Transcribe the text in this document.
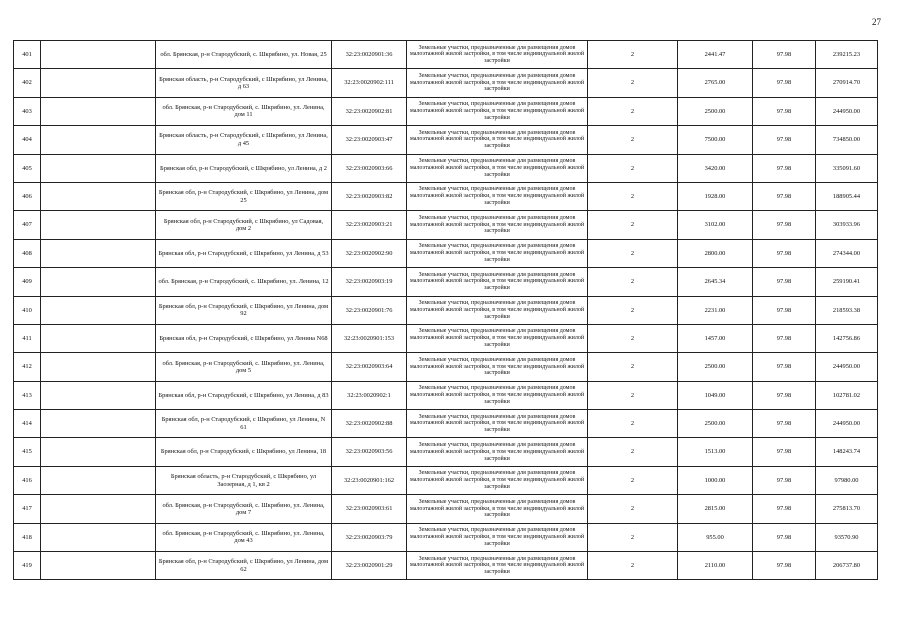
27
401		обл. Брянская, р-н Стародубский, с. Шкрябино, ул. Новая, 25	32:23:0020901:36	Земельные участки, предназначенные для размещения домов малоэтажной жилой застройки, в том числе индивидуальной жилой застройки	2	2441.47	97.98	239215.23
402		Брянская область, р-н Стародубский, с Шкрябино, ул Ленина, д 63	32:23:0020902:111	Земельные участки, предназначенные для размещения домов малоэтажной жилой застройки, в том числе индивидуальной жилой застройки	2	2765.00	97.98	270914.70
403		обл. Брянская, р-н Стародубский, с. Шкрябино, ул. Ленина, дом 11	32:23:0020902:81	Земельные участки, предназначенные для размещения домов малоэтажной жилой застройки, в том числе индивидуальной жилой застройки	2	2500.00	97.98	244950.00
404		Брянская область, р-н Стародубский, с Шкрябино, ул Ленина, д 45	32:23:0020903:47	Земельные участки, предназначенные для размещения домов малоэтажной жилой застройки, в том числе индивидуальной жилой застройки	2	7500.00	97.98	734850.00
405		Брянская обл, р-н Стародубский, с Шкрябино, ул Ленина, д 2	32:23:0020903:66	Земельные участки, предназначенные для размещения домов малоэтажной жилой застройки, в том числе индивидуальной жилой застройки	2	3420.00	97.98	335091.60
406		Брянская обл, р-н Стародубский, с Шкрябино, ул Ленина, дом 25	32:23:0020903:82	Земельные участки, предназначенные для размещения домов малоэтажной жилой застройки, в том числе индивидуальной жилой застройки	2	1928.00	97.98	188905.44
407		Брянская обл, р-н Стародубский, с Шкрябино, ул Садовая, дом 2	32:23:0020903:21	Земельные участки, предназначенные для размещения домов малоэтажной жилой застройки, в том числе индивидуальной жилой застройки	2	3102.00	97.98	303933.96
408		Брянская обл, р-н Стародубский, с Шкрябино, ул Ленина, д 53	32:23:0020902:90	Земельные участки, предназначенные для размещения домов малоэтажной жилой застройки, в том числе индивидуальной жилой застройки	2	2800.00	97.98	274344.00
409		обл. Брянская, р-н Стародубский, с. Шкрябино, ул. Ленина, 12	32:23:0020903:19	Земельные участки, предназначенные для размещения домов малоэтажной жилой застройки, в том числе индивидуальной жилой застройки	2	2645.34	97.98	259190.41
410		Брянская обл, р-н Стародубский, с Шкрябино, ул Ленина, дом 92	32:23:0020901:76	Земельные участки, предназначенные для размещения домов малоэтажной жилой застройки, в том числе индивидуальной жилой застройки	2	2231.00	97.98	218593.38
411		Брянская обл, р-н Стародубский, с Шкрябино, ул Ленина N68	32:23:0020901:153	Земельные участки, предназначенные для размещения домов малоэтажной жилой застройки, в том числе индивидуальной жилой застройки	2	1457.00	97.98	142756.86
412		обл. Брянская, р-н Стародубский, с. Шкрябино, ул. Ленина, дом 5	32:23:0020903:64	Земельные участки, предназначенные для размещения домов малоэтажной жилой застройки, в том числе индивидуальной жилой застройки	2	2500.00	97.98	244950.00
413		Брянская обл, р-н Стародубский, с Шкрябино, ул Ленина, д 83	32:23:0020902:1	Земельные участки, предназначенные для размещения домов малоэтажной жилой застройки, в том числе индивидуальной жилой застройки	2	1049.00	97.98	102781.02
414		Брянская обл, р-н Стародубский, с Шкрябино, ул Ленина, N 61	32:23:0020902:88	Земельные участки, предназначенные для размещения домов малоэтажной жилой застройки, в том числе индивидуальной жилой застройки	2	2500.00	97.98	244950.00
415		Брянская обл, р-н Стародубский, с Шкрябино, ул Ленина, 18	32:23:0020903:56	Земельные участки, предназначенные для размещения домов малоэтажной жилой застройки, в том числе индивидуальной жилой застройки	2	1513.00	97.98	148243.74
416		Брянская область, р-н Стародубский, с Шкрябино, ул Заозерная, д 1, кв 2	32:23:0020901:162	Земельные участки, предназначенные для размещения домов малоэтажной жилой застройки, в том числе индивидуальной жилой застройки	2	1000.00	97.98	97980.00
417		обл. Брянская, р-н Стародубский, с. Шкрябино, ул. Ленина, дом 7	32:23:0020903:61	Земельные участки, предназначенные для размещения домов малоэтажной жилой застройки, в том числе индивидуальной жилой застройки	2	2815.00	97.98	275813.70
418		обл. Брянская, р-н Стародубский, с. Шкрябино, ул. Ленина, дом 43	32:23:0020903:79	Земельные участки, предназначенные для размещения домов малоэтажной жилой застройки, в том числе индивидуальной жилой застройки	2	955.00	97.98	93570.90
419		Брянская обл, р-н Стародубский, с Шкрябино, ул Ленина, дом 62	32:23:0020901:29	Земельные участки, предназначенные для размещения домов малоэтажной жилой застройки, в том числе индивидуальной жилой застройки	2	2110.00	97.98	206737.80
